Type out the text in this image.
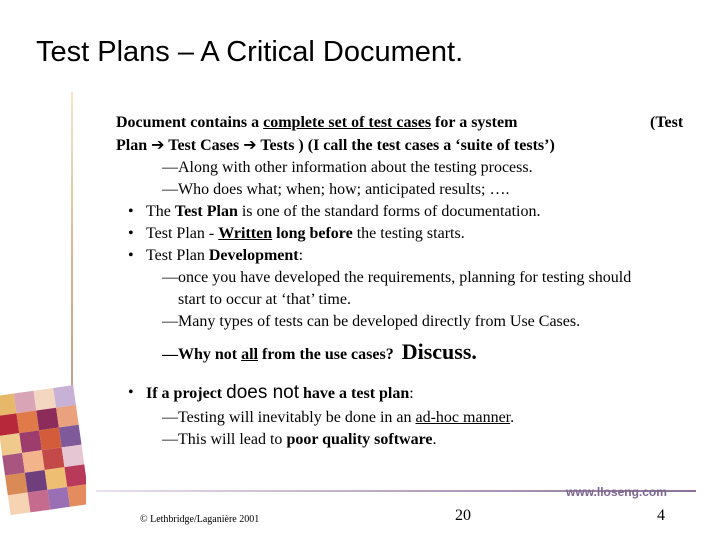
Test Plans – A Critical Document.
Document contains a complete set of test cases for a system	(Test
Plan ➔ Test Cases ➔ Tests ) (I call the test cases a ‘suite of tests’)
—Along with other information about the testing process.
—Who does what; when; how; anticipated results; ….
• The Test Plan is one of the standard forms of documentation.
• Test Plan - Written long before the testing starts.
• Test Plan Development:
—once you have developed the requirements, planning for testing should
start to occur at ‘that’ time.
—Many types of tests can be developed directly from Use Cases.
—Why not all from the use cases? Discuss.
• If a project does not have a test plan:
—Testing will inevitably be done in an ad-hoc manner.
—This will lead to poor quality software.
www.lloseng.com
© Lethbridge/Laganière 2001	20	4
